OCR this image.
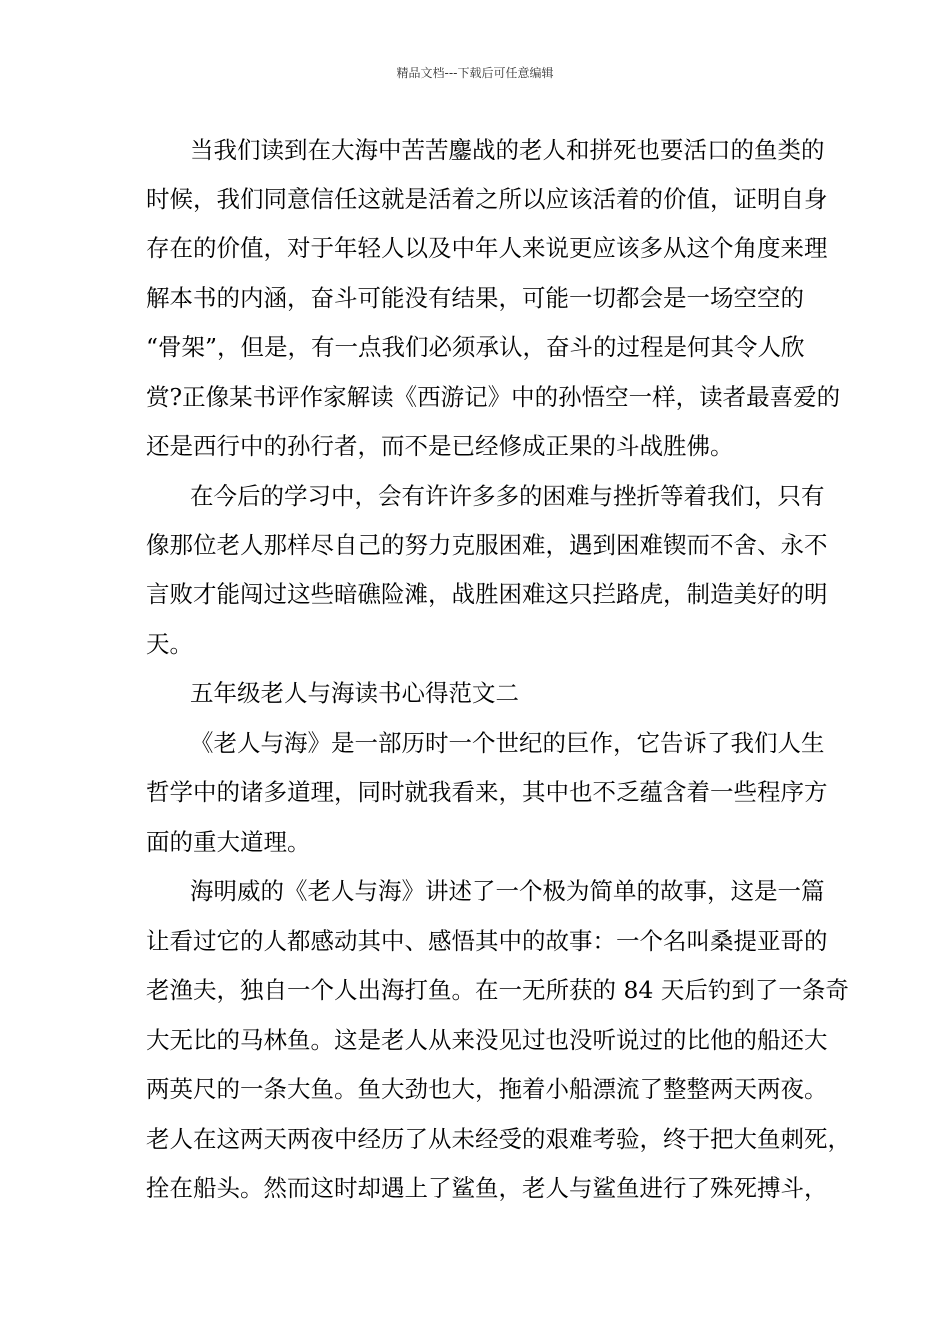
精品文档---下载后可任意编辑
当我们读到在大海中苦苦鏖战的老人和拼死也要活口的鱼类的
时候，我们同意信任这就是活着之所以应该活着的价值，证明自身
存在的价值，对于年轻人以及中年人来说更应该多从这个角度来理
解本书的内涵，奋斗可能没有结果，可能一切都会是一场空空的
“骨架”，但是，有一点我们必须承认，奋斗的过程是何其令人欣
赏?正像某书评作家解读《西游记》中的孙悟空一样，读者最喜爱的
还是西行中的孙行者，而不是已经修成正果的斗战胜佛。
在今后的学习中，会有许许多多的困难与挫折等着我们，只有
像那位老人那样尽自己的努力克服困难，遇到困难锲而不舍、永不
言败才能闯过这些暗礁险滩，战胜困难这只拦路虎，制造美好的明
天。
五年级老人与海读书心得范文二
《老人与海》是一部历时一个世纪的巨作，它告诉了我们人生
哲学中的诸多道理，同时就我看来，其中也不乏蕴含着一些程序方
面的重大道理。
海明威的《老人与海》讲述了一个极为简单的故事，这是一篇
让看过它的人都感动其中、感悟其中的故事：一个名叫桑提亚哥的
老渔夫，独自一个人出海打鱼。在一无所获的 84 天后钓到了一条奇
大无比的马林鱼。这是老人从来没见过也没听说过的比他的船还大
两英尺的一条大鱼。鱼大劲也大，拖着小船漂流了整整两天两夜。
老人在这两天两夜中经历了从未经受的艰难考验，终于把大鱼刺死，
拴在船头。然而这时却遇上了鲨鱼，老人与鲨鱼进行了殊死搏斗，
